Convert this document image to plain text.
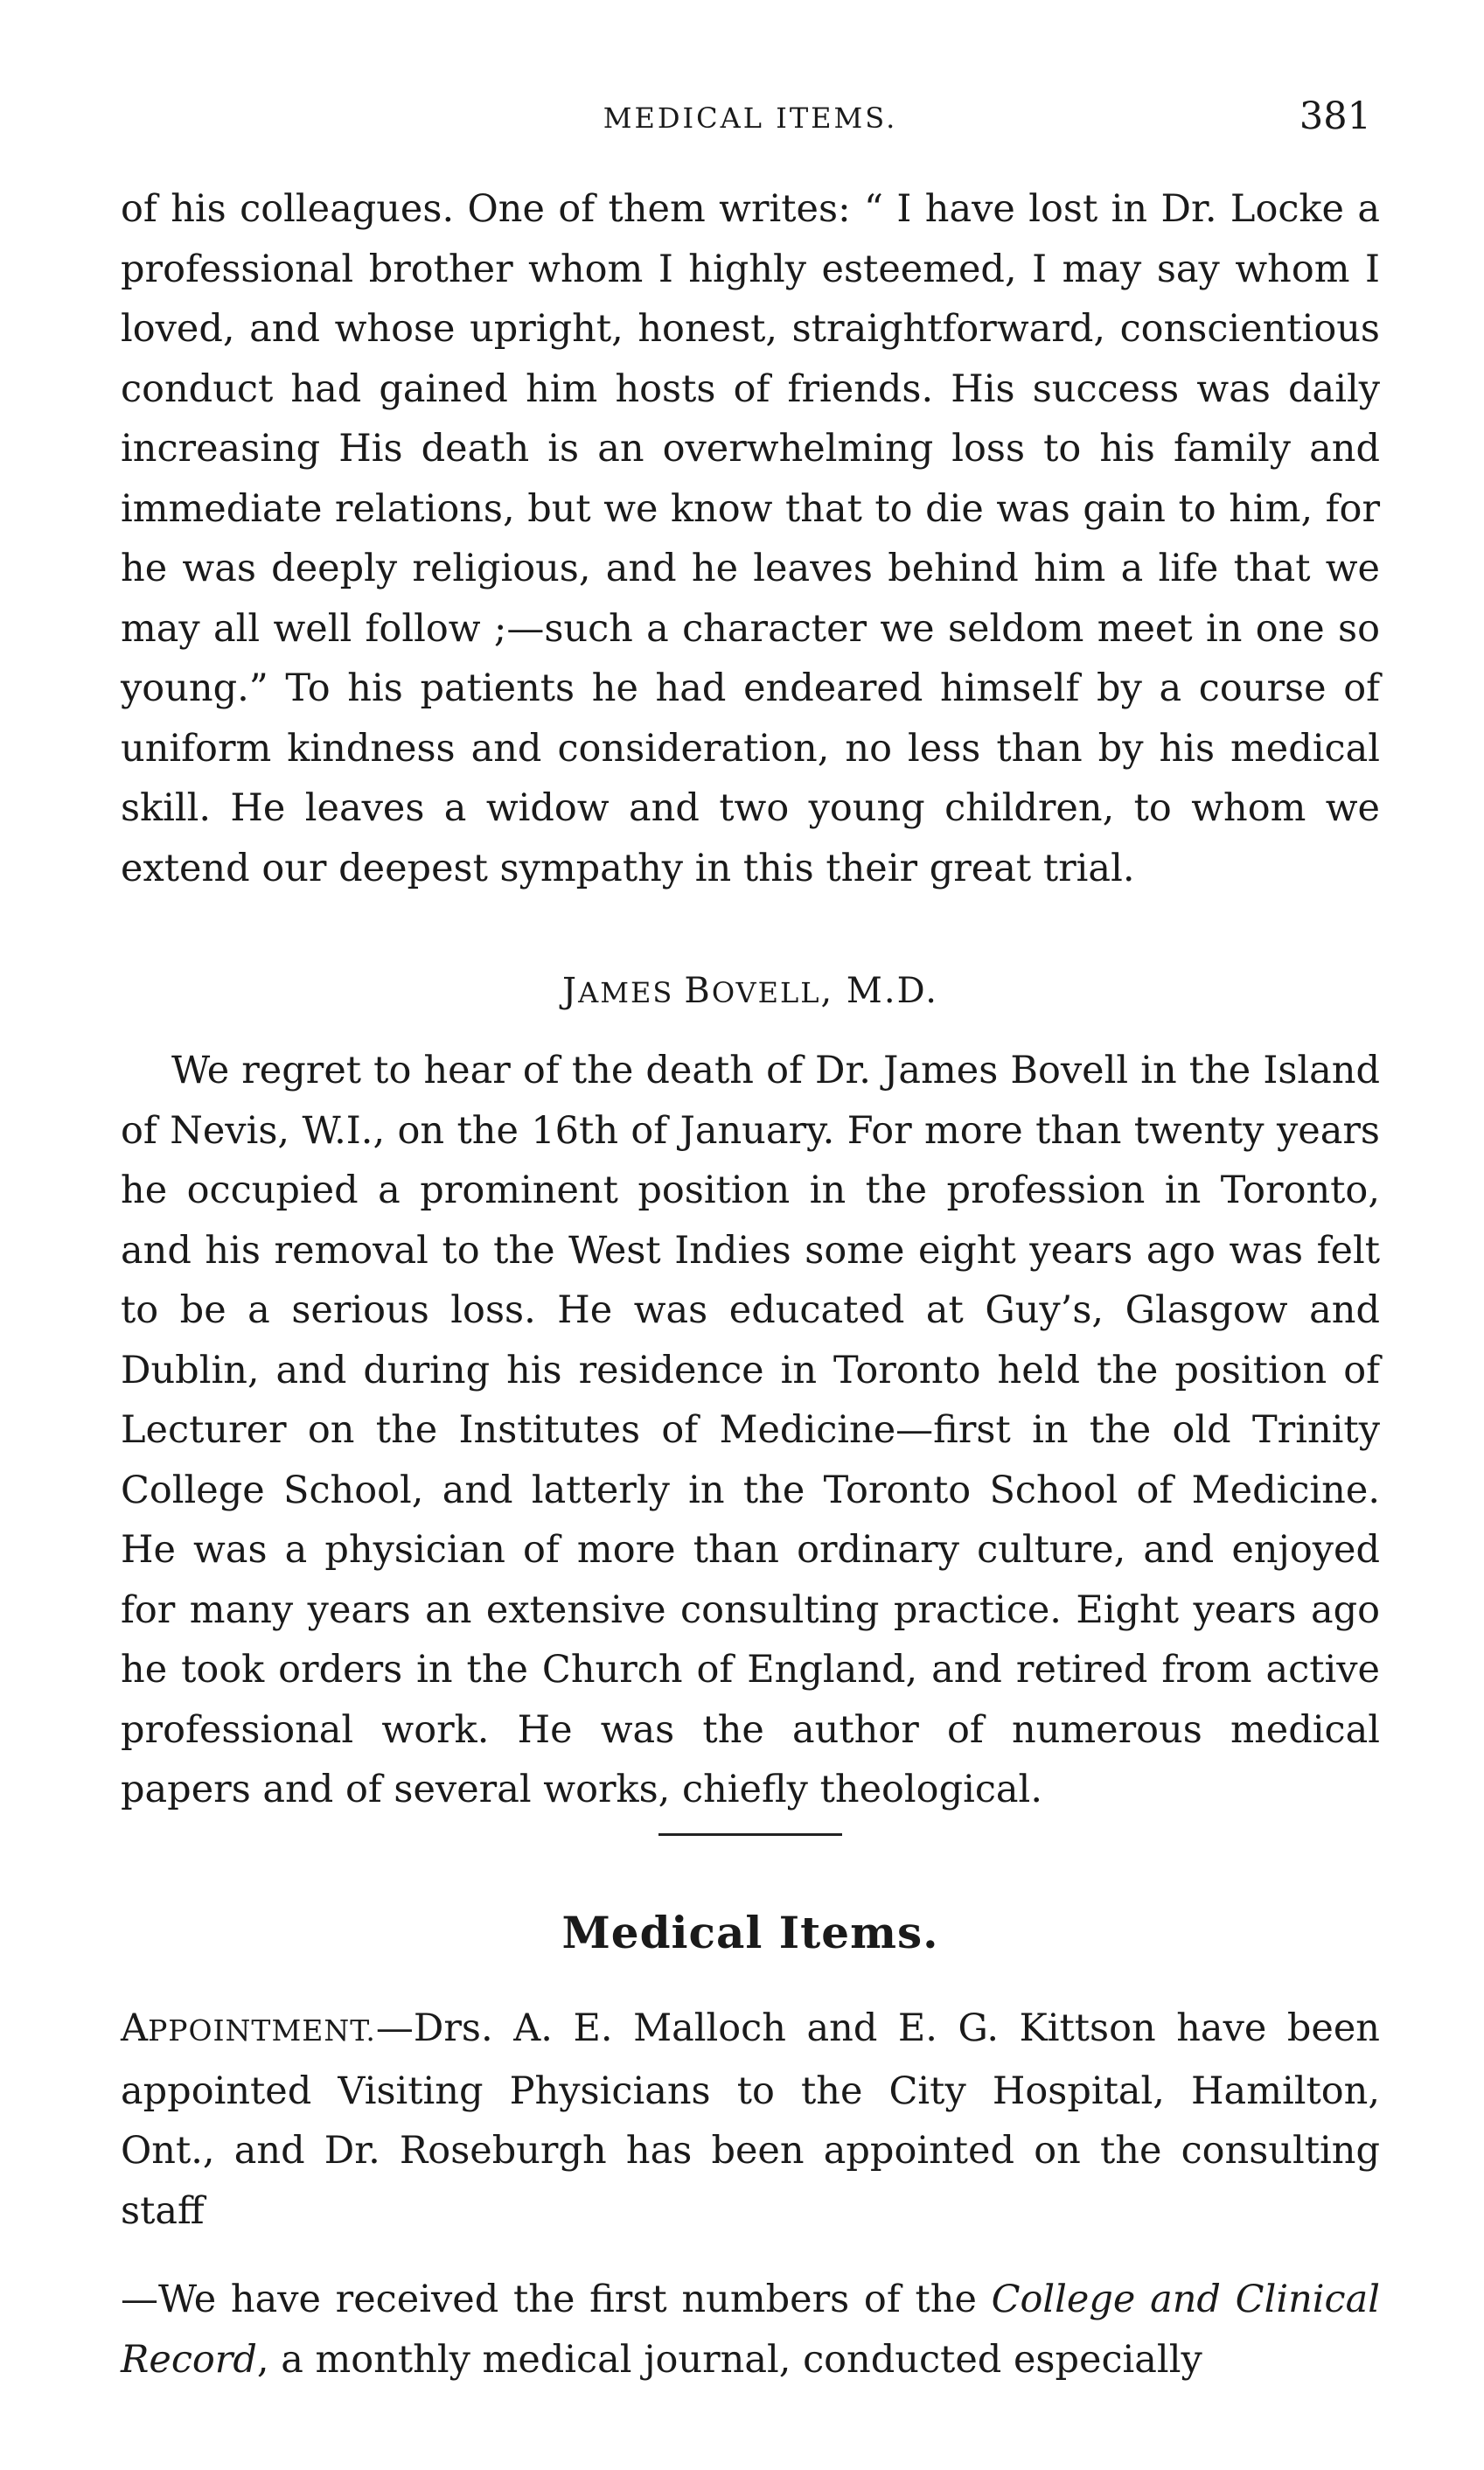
MEDICAL ITEMS.	381

of his colleagues. One of them writes: “ I have lost in Dr. Locke a professional brother whom I highly esteemed, I may say whom I loved, and whose upright, honest, straightforward, conscientious conduct had gained him hosts of friends. His success was daily increasing His death is an overwhelming loss to his family and immediate relations, but we know that to die was gain to him, for he was deeply religious, and he leaves behind him a life that we may all well follow ;—such a character we seldom meet in one so young.” To his patients he had endeared himself by a course of uniform kindness and consideration, no less than by his medical skill. He leaves a widow and two young children, to whom we extend our deepest sympathy in this their great trial.

JAMES BOVELL, M.D.

We regret to hear of the death of Dr. James Bovell in the Island of Nevis, W.I., on the 16th of January. For more than twenty years he occupied a prominent position in the profession in Toronto, and his removal to the West Indies some eight years ago was felt to be a serious loss. He was educated at Guy’s, Glasgow and Dublin, and during his residence in Toronto held the position of Lecturer on the Institutes of Medicine—first in the old Trinity College School, and latterly in the Toronto School of Medicine. He was a physician of more than ordinary culture, and enjoyed for many years an extensive consulting practice. Eight years ago he took orders in the Church of England, and retired from active professional work. He was the author of numerous medical papers and of several works, chiefly theological.

Medical Items.

APPOINTMENT.—Drs. A. E. Malloch and E. G. Kittson have been appointed Visiting Physicians to the City Hospital, Hamilton, Ont., and Dr. Roseburgh has been appointed on the consulting staff

—We have received the first numbers of the College and Clinical Record, a monthly medical journal, conducted especially
